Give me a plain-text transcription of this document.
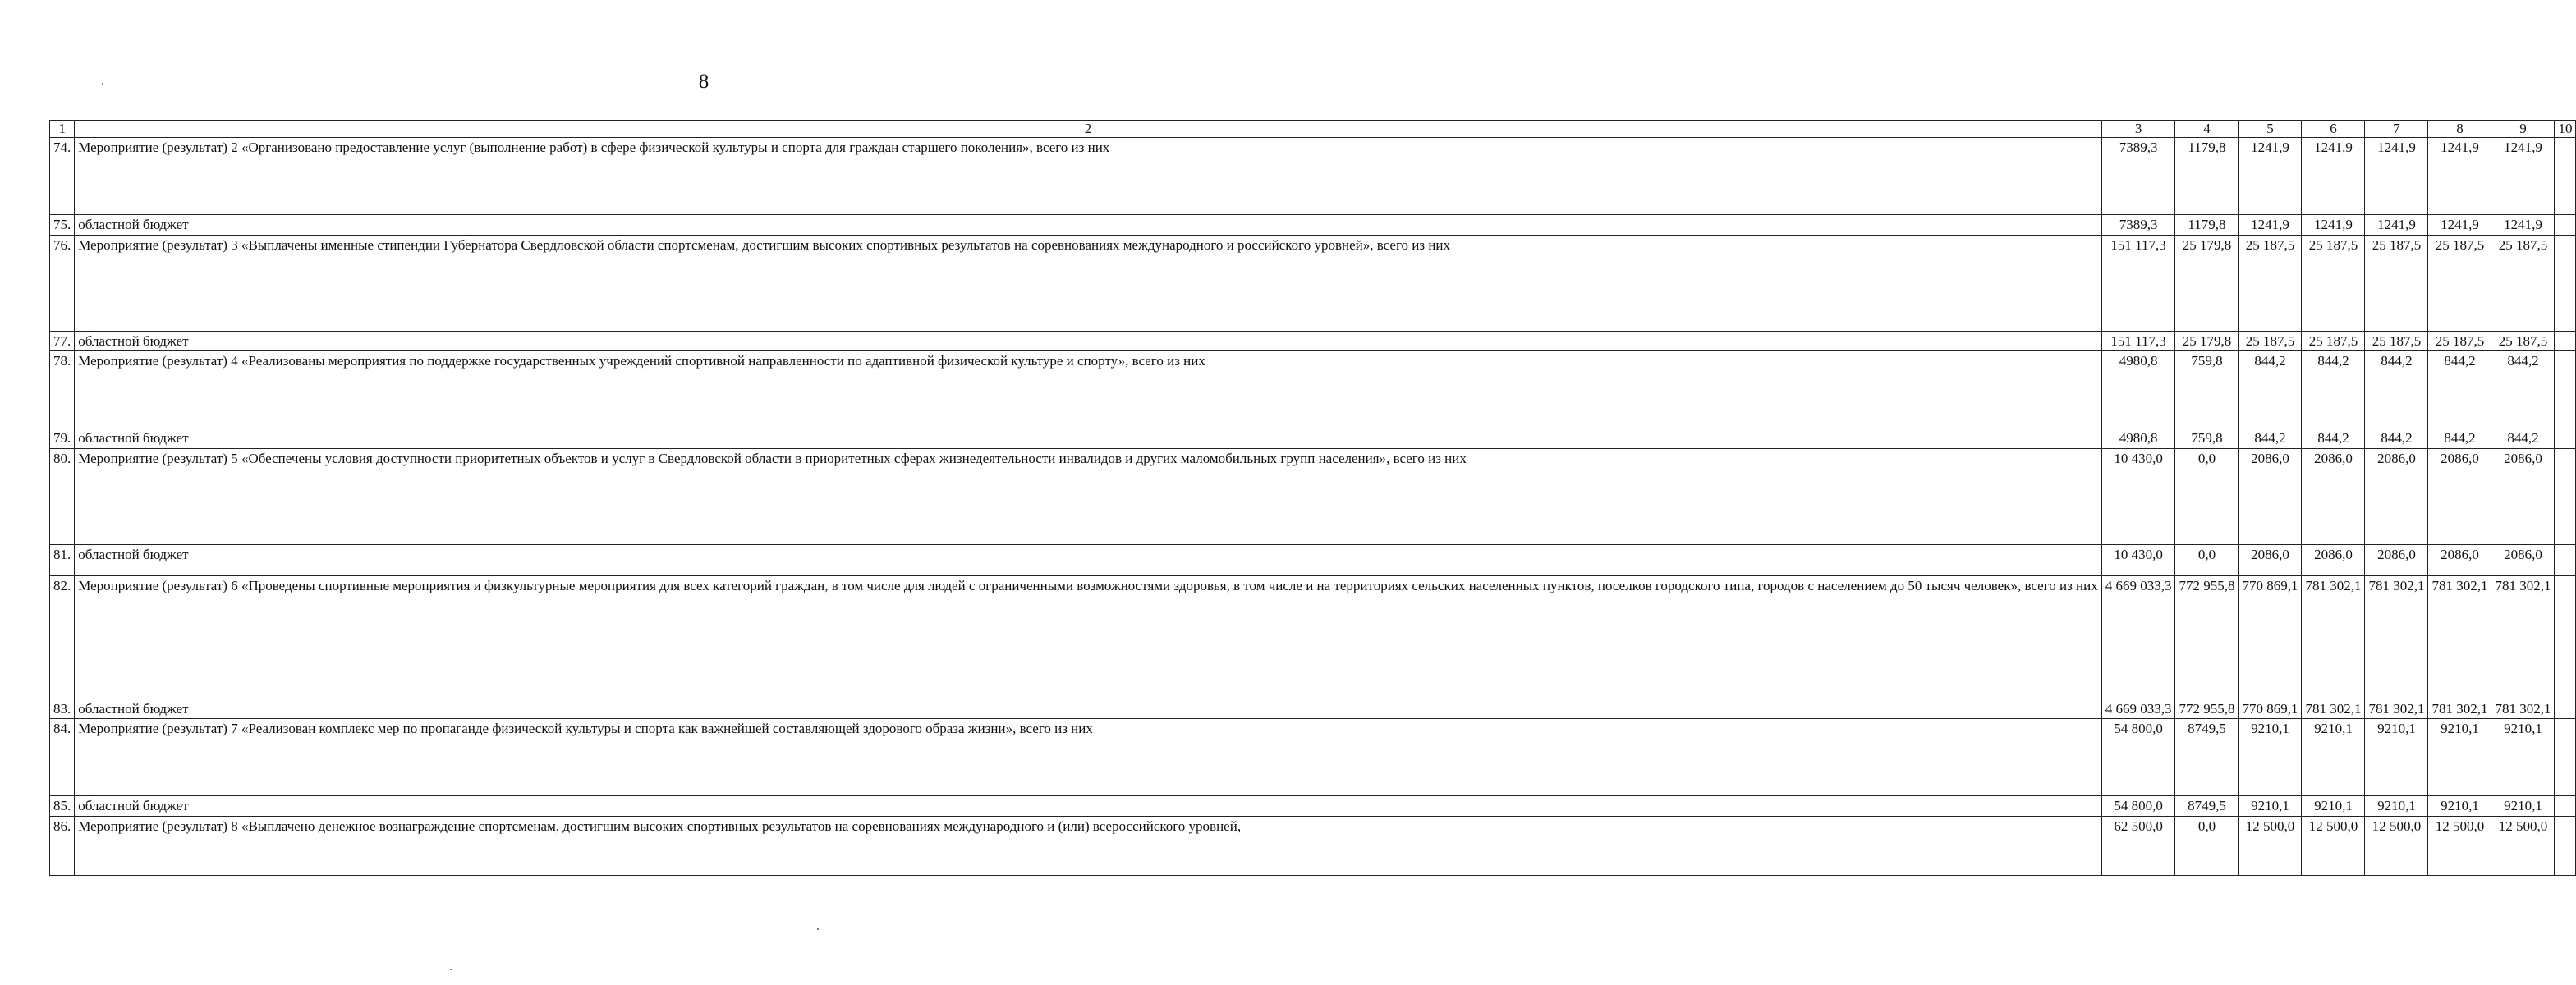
8
1	2	3	4	5	6	7	8	9	10
74.	Мероприятие (результат) 2 «Организовано предоставление услуг (выполнение работ) в сфере физической культуры и спорта для граждан старшего поколения», всего из них	7389,3	1179,8	1241,9	1241,9	1241,9	1241,9	1241,9	
75.	областной бюджет	7389,3	1179,8	1241,9	1241,9	1241,9	1241,9	1241,9	
76.	Мероприятие (результат) 3 «Выплачены именные стипендии Губернатора Свердловской области спортсменам, достигшим высоких спортивных результатов на соревнованиях международного и российского уровней», всего из них	151 117,3	25 179,8	25 187,5	25 187,5	25 187,5	25 187,5	25 187,5	
77.	областной бюджет	151 117,3	25 179,8	25 187,5	25 187,5	25 187,5	25 187,5	25 187,5	
78.	Мероприятие (результат) 4 «Реализованы мероприятия по поддержке государственных учреждений спортивной направленности по адаптивной физической культуре и спорту», всего из них	4980,8	759,8	844,2	844,2	844,2	844,2	844,2	
79.	областной бюджет	4980,8	759,8	844,2	844,2	844,2	844,2	844,2	
80.	Мероприятие (результат) 5 «Обеспечены условия доступности приоритетных объектов и услуг в Свердловской области в приоритетных сферах жизнедеятельности инвалидов и других маломобильных групп населения», всего из них	10 430,0	0,0	2086,0	2086,0	2086,0	2086,0	2086,0	
81.	областной бюджет	10 430,0	0,0	2086,0	2086,0	2086,0	2086,0	2086,0	
82.	Мероприятие (результат) 6 «Проведены спортивные мероприятия и физкультурные мероприятия для всех категорий граждан, в том числе для людей с ограниченными возможностями здоровья, в том числе и на территориях сельских населенных пунктов, поселков городского типа, городов с населением до 50 тысяч человек», всего из них	4 669 033,3	772 955,8	770 869,1	781 302,1	781 302,1	781 302,1	781 302,1	
83.	областной бюджет	4 669 033,3	772 955,8	770 869,1	781 302,1	781 302,1	781 302,1	781 302,1	
84.	Мероприятие (результат) 7 «Реализован комплекс мер по пропаганде физической культуры и спорта как важнейшей составляющей здорового образа жизни», всего из них	54 800,0	8749,5	9210,1	9210,1	9210,1	9210,1	9210,1	
85.	областной бюджет	54 800,0	8749,5	9210,1	9210,1	9210,1	9210,1	9210,1	
86.	Мероприятие (результат) 8 «Выплачено денежное вознаграждение спортсменам, достигшим высоких спортивных результатов на соревнованиях международного и (или) всероссийского уровней,	62 500,0	0,0	12 500,0	12 500,0	12 500,0	12 500,0	12 500,0	
